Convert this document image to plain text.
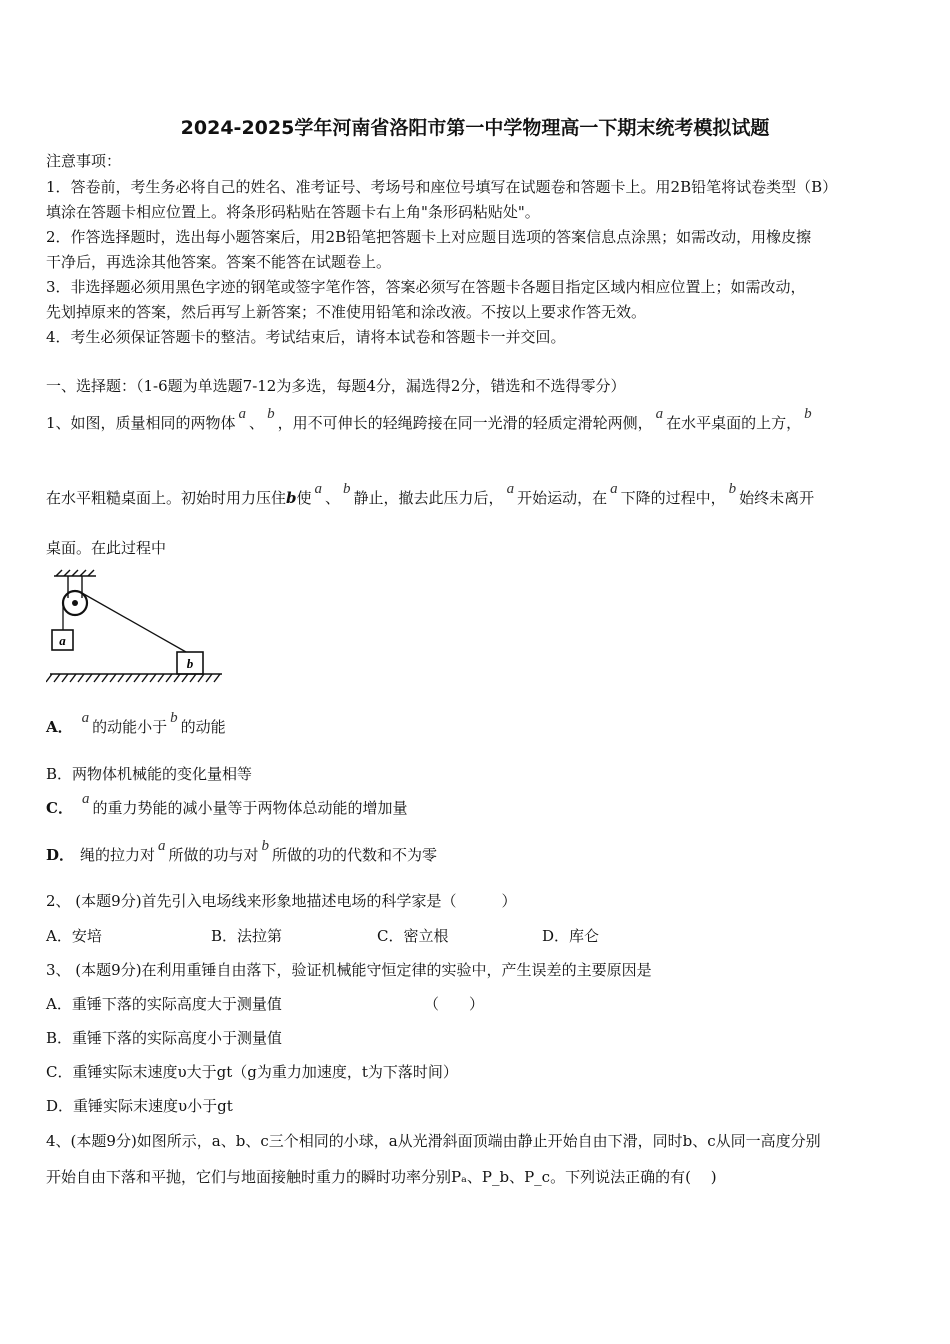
2024-2025学年河南省洛阳市第一中学物理高一下期末统考模拟试题
注意事项：
1．答卷前，考生务必将自己的姓名、准考证号、考场号和座位号填写在试题卷和答题卡上。用2B铅笔将试卷类型（B）
填涂在答题卡相应位置上。将条形码粘贴在答题卡右上角"条形码粘贴处"。
2．作答选择题时，选出每小题答案后，用2B铅笔把答题卡上对应题目选项的答案信息点涂黑；如需改动，用橡皮擦
干净后，再选涂其他答案。答案不能答在试题卷上。
3．非选择题必须用黑色字迹的钢笔或签字笔作答，答案必须写在答题卡各题目指定区域内相应位置上；如需改动，
先划掉原来的答案，然后再写上新答案；不准使用铅笔和涂改液。不按以上要求作答无效。
4．考生必须保证答题卡的整洁。考试结束后，请将本试卷和答题卡一并交回。
一、选择题：（1-6题为单选题7-12为多选，每题4分，漏选得2分，错选和不选得零分）
1、如图，质量相同的两物体 a 、 b ，用不可伸长的轻绳跨接在同一光滑的轻质定滑轮两侧， a 在水平桌面的上方， b
在水平粗糙桌面上。初始时用力压住b使 a 、 b 静止，撤去此压力后， a 开始运动，在 a 下降的过程中， b 始终未离开
桌面。在此过程中
a
b
A． a 的动能小于 b 的动能
B．两物体机械能的变化量相等
C． a 的重力势能的减小量等于两物体总动能的增加量
D． 绳的拉力对 a 所做的功与对 b 所做的功的代数和不为零
2、 (本题9分)首先引入电场线来形象地描述电场的科学家是（　　　）
A．安培	B．法拉第	C．密立根	D．库仑
3、 (本题9分)在利用重锤自由落下，验证机械能守恒定律的实验中，产生误差的主要原因是
A．重锤下落的实际高度大于测量值	（　　）
B．重锤下落的实际高度小于测量值
C．重锤实际末速度υ大于gt（g为重力加速度，t为下落时间）
D．重锤实际末速度υ小于gt
4、(本题9分)如图所示，a、b、c三个相同的小球，a从光滑斜面顶端由静止开始自由下滑，同时b、c从同一高度分别
开始自由下落和平抛，它们与地面接触时重力的瞬时功率分别Pₐ、P_b、P_c。下列说法正确的有(　 )
